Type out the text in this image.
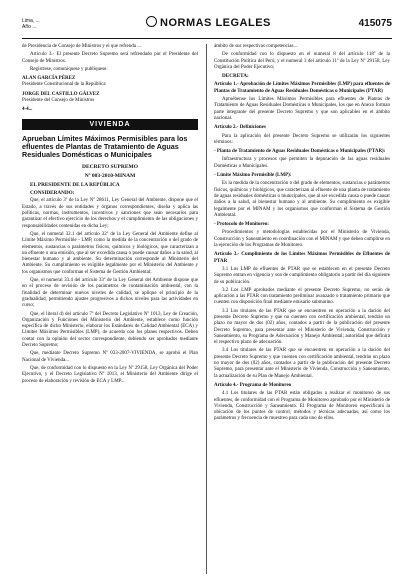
Lima, ...
Año ...	NORMAS LEGALES	415075

de Presidencia de Consejo de Ministros y el que refrenda ...

Artículo 3.- El presente Decreto Supremo será refrendado por el Presidente del Consejo de Ministros.

Regístrese, comuníquese y publíquese.

ALAN GARCÍA PÉREZ

Presidente Constitucional de la República

JORGE DEL CASTILLO GÁLVEZ

Presidente del Consejo de Ministros

4-4...

VIVIENDA
Aprueban Límites Máximos Permisibles para los efluentes de Plantas de Tratamiento de Aguas Residuales Domésticas o Municipales
DECRETO SUPREMO
Nº 003-2010-MINAM

EL PRESIDENTE DE LA REPÚBLICA

CONSIDERANDO:

Que, el artículo 3º de la Ley Nº 28611, Ley General del Ambiente, dispone que el Estado, a través de sus entidades y órganos correspondientes, diseña y aplica las políticas, normas, instrumentos, incentivos y sanciones que sean necesarios para garantizar el efectivo ejercicio de los derechos y el cumplimiento de las obligaciones y responsabilidades contenidas en dicha Ley;

Que, el numeral 32.1 del artículo 32º de la Ley General del Ambiente define al Límite Máximo Permisible - LMP, como la medida de la concentración o del grado de elementos, sustancias o parámetros físicos, químicos y biológicos, que caracterizan a un efluente o una emisión, que al ser excedida causa o puede causar daños a la salud, al bienestar humano y al ambiente. Su determinación corresponde al Ministerio del Ambiente. Su cumplimiento es exigible legalmente por el Ministerio del Ambiente y los organismos que conforman el Sistema de Gestión Ambiental;

Que, el numeral 33.4 del artículo 33º de la Ley General del Ambiente dispone que en el proceso de revisión de los parámetros de contaminación ambiental, con la finalidad de determinar nuevos niveles de calidad, se aplique el principio de la gradualidad, permitiendo ajustes progresivos a dichos niveles para las actividades en curso;

Que, el literal d) del artículo 7º del Decreto Legislativo Nº 1013, Ley de Creación, Organización y Funciones del Ministerio del Ambiente, establece como función específica de dicho Ministerio, elaborar los Estándares de Calidad Ambiental (ECA) y Límites Máximos Permisibles (LMP), de acuerdo con los planes respectivos. Deben contar con la opinión del sector correspondiente, debiendo ser aprobados mediante Decreto Supremo;

Que, mediante Decreto Supremo Nº 033-2007-VIVIENDA, se aprobó el Plan Nacional de Vivienda...

Que, de conformidad con lo dispuesto en la Ley Nº 29158, Ley Orgánica del Poder Ejecutivo, y el Decreto Legislativo Nº 1013, el Ministerio del Ambiente dirige el proceso de elaboración y revisión de ECA y LMP...

ámbito de sus respectivas competencias...

De conformidad con lo dispuesto en el numeral 8 del artículo 118º de la Constitución Política del Perú, y el numeral 3 del artículo 11º de la Ley Nº 29158, Ley Orgánica del Poder Ejecutivo;

DECRETA:

Artículo 1.- Aprobación de Límites Máximos Permisibles (LMP) para efluentes de Plantas de Tratamiento de Aguas Residuales Domésticas o Municipales (PTAR)

Apruébense los Límites Máximos Permisibles para efluentes de Plantas de Tratamiento de Aguas Residuales Domésticas o Municipales, los que en Anexo forman parte integrante del presente Decreto Supremo y que son aplicables en el ámbito nacional.

Artículo 2.- Definiciones

Para la aplicación del presente Decreto Supremo se utilizarán los siguientes términos:

- Planta de Tratamiento de Aguas Residuales Domésticas o Municipales (PTAR):

Infraestructura y procesos que permiten la depuración de las aguas residuales Domésticas o Municipales.

- Límite Máximo Permisible (LMP):

Es la medida de la concentración o del grado de elementos, sustancias o parámetros físicos, químicos y biológicos, que caracterizan al efluente de una planta de tratamiento de aguas residuales domésticas o municipales, que al ser excedida causa o puede causar daños a la salud, al bienestar humano y al ambiente. Su cumplimiento es exigible legalmente por el MINAM y los organismos que conforman el Sistema de Gestión Ambiental.

- Protocolo de Monitoreo:

Procedimientos y metodologías establecidas por el Ministerio de Vivienda, Construcción y Saneamiento en coordinación con el MINAM y que deben cumplirse en la ejecución de los Programas de Monitoreo.

Artículo 3.- Cumplimiento de los Límites Máximos Permisibles de Efluentes de PTAR

3.1 Los LMP de efluentes de PTAR que se establecen en el presente Decreto Supremo entran en vigencia y son de cumplimiento obligatorio a partir del día siguiente de su publicación.

3.2 Los LMP aprobados mediante el presente Decreto Supremo, no serán de aplicación a las PTAR con tratamiento preliminar avanzado o tratamiento primario que cuenten con disposición final mediante emisario submarino.

3.3 Los titulares de las PTAR que se encuentren en operación a la dación del presente Decreto Supremo y que no cuenten con certificación ambiental, tendrán un plazo no mayor de dos (02) años, contados a partir de la publicación del presente Decreto Supremo, para presentar ante el Ministerio de Vivienda, Construcción y Saneamiento, su Programa de Adecuación y Manejo Ambiental; autoridad que definirá el respectivo plazo de adecuación.

3.4 Los titulares de las PTAR que se encuentren en operación a la dación del presente Decreto Supremo y que cuenten con certificación ambiental, tendrán un plazo no mayor de dos (02) años, contados a partir de la publicación del presente Decreto Supremo, para presentar ante el Ministerio de Vivienda, Construcción y Saneamiento, la actualización de su Plan de Manejo Ambiental.

Artículo 4.- Programa de Monitoreo

4.1 Los titulares de las PTAR están obligados a realizar el monitoreo de sus efluentes, de conformidad con el Programa de Monitoreo aprobado por el Ministerio de Vivienda, Construcción y Saneamiento. El Programa de Monitoreo especificará la ubicación de los puntos de control, métodos y técnicas adecuadas; así como los parámetros y frecuencia de muestreo para cada uno de ellos.
